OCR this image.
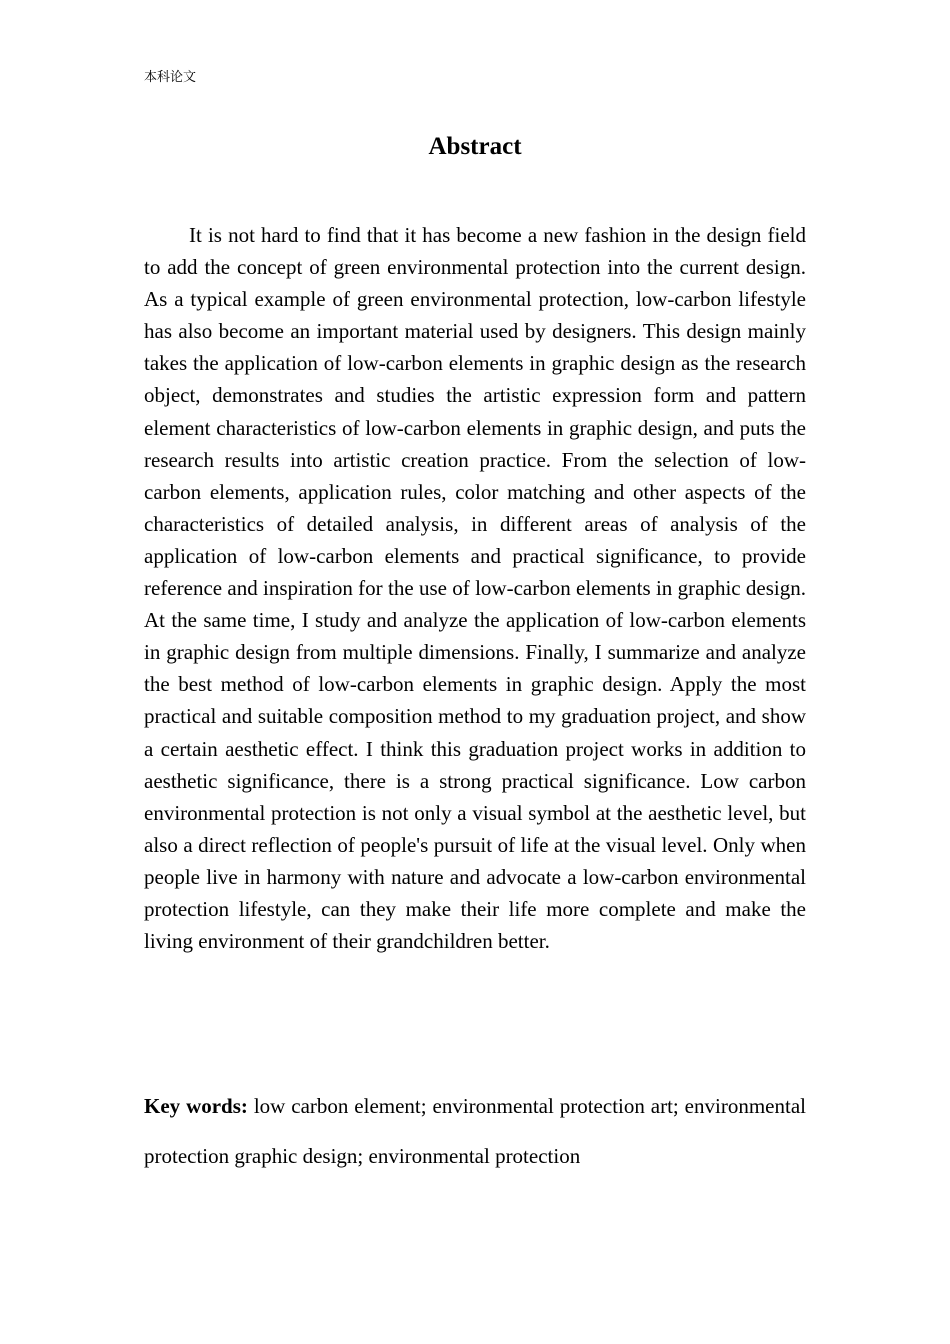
本科论文
Abstract

It is not hard to find that it has become a new fashion in the design field to add the concept of green environmental protection into the current design. As a typical example of green environmental protection, low-carbon lifestyle has also become an important material used by designers. This design mainly takes the application of low-carbon elements in graphic design as the research object, demonstrates and studies the artistic expression form and pattern element characteristics of low-carbon elements in graphic design, and puts the research results into artistic creation practice. From the selection of low-carbon elements, application rules, color matching and other aspects of the characteristics of detailed analysis, in different areas of analysis of the application of low-carbon elements and practical significance, to provide reference and inspiration for the use of low-carbon elements in graphic design. At the same time, I study and analyze the application of low-carbon elements in graphic design from multiple dimensions. Finally, I summarize and analyze the best method of low-carbon elements in graphic design. Apply the most practical and suitable composition method to my graduation project, and show a certain aesthetic effect. I think this graduation project works in addition to aesthetic significance, there is a strong practical significance. Low carbon environmental protection is not only a visual symbol at the aesthetic level, but also a direct reflection of people's pursuit of life at the visual level. Only when people live in harmony with nature and advocate a low-carbon environmental protection lifestyle, can they make their life more complete and make the living environment of their grandchildren better.

Key words: low carbon element; environmental protection art; environmental protection graphic design; environmental protection
